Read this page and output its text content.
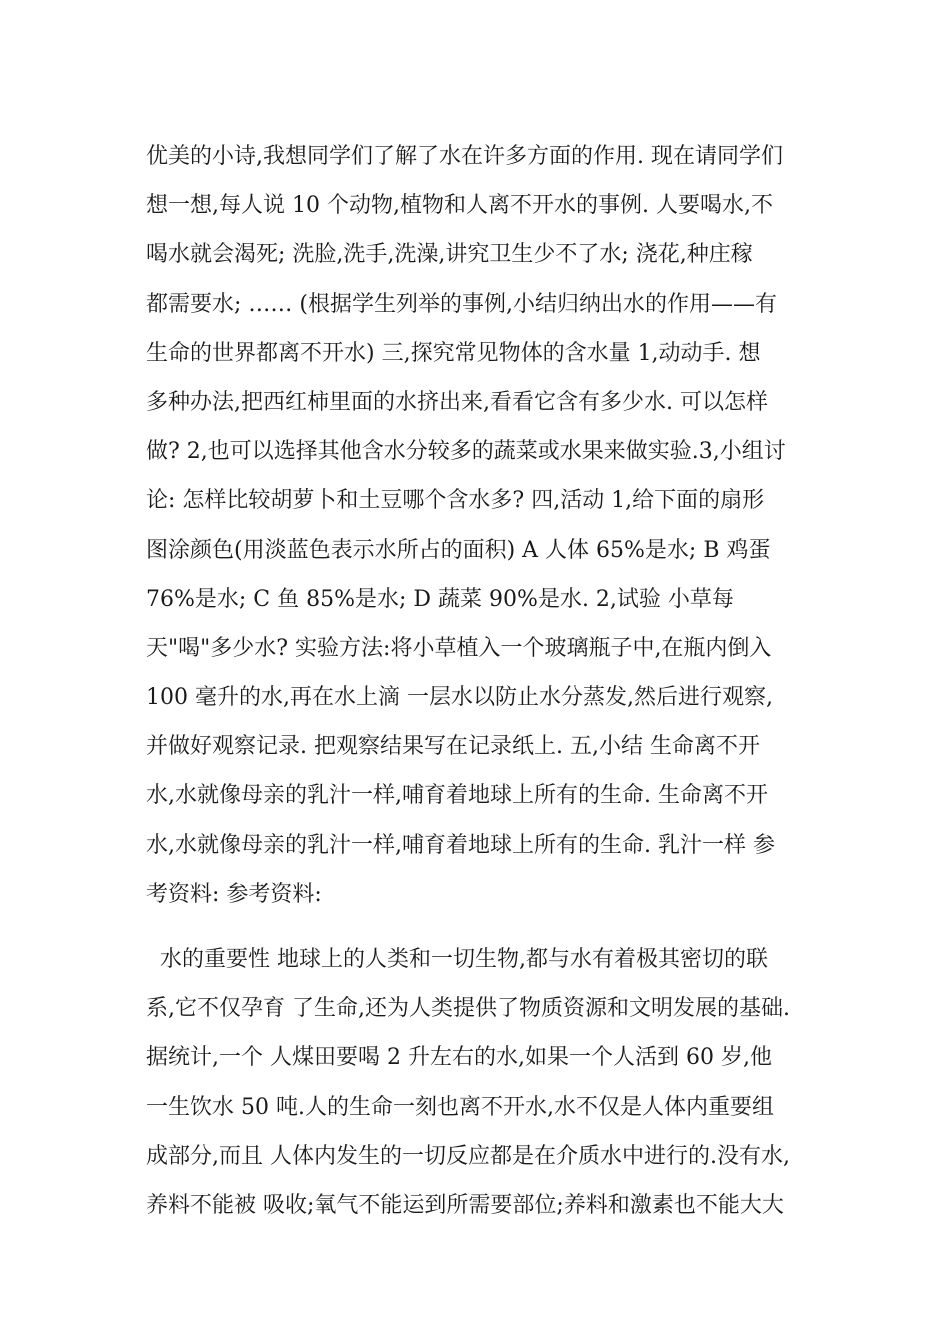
优美的小诗,我想同学们了解了水在许多方面的作用. 现在请同学们
想一想,每人说 10 个动物,植物和人离不开水的事例. 人要喝水,不
喝水就会渴死; 洗脸,洗手,洗澡,讲究卫生少不了水; 浇花,种庄稼
都需要水; …… (根据学生列举的事例,小结归纳出水的作用——有
生命的世界都离不开水) 三,探究常见物体的含水量 1,动动手. 想
多种办法,把西红柿里面的水挤出来,看看它含有多少水. 可以怎样
做? 2,也可以选择其他含水分较多的蔬菜或水果来做实验.3,小组讨
论: 怎样比较胡萝卜和土豆哪个含水多? 四,活动 1,给下面的扇形
图涂颜色(用淡蓝色表示水所占的面积) A 人体 65%是水; B 鸡蛋
76%是水; C 鱼 85%是水; D 蔬菜 90%是水. 2,试验 小草每
天"喝"多少水? 实验方法:将小草植入一个玻璃瓶子中,在瓶内倒入
100 毫升的水,再在水上滴 一层水以防止水分蒸发,然后进行观察,
并做好观察记录. 把观察结果写在记录纸上. 五,小结 生命离不开
水,水就像母亲的乳汁一样,哺育着地球上所有的生命. 生命离不开
水,水就像母亲的乳汁一样,哺育着地球上所有的生命. 乳汁一样 参
考资料: 参考资料:
水的重要性 地球上的人类和一切生物,都与水有着极其密切的联
系,它不仅孕育 了生命,还为人类提供了物质资源和文明发展的基础.
据统计,一个 人煤田要喝 2 升左右的水,如果一个人活到 60 岁,他
一生饮水 50 吨.人的生命一刻也离不开水,水不仅是人体内重要组
成部分,而且 人体内发生的一切反应都是在介质水中进行的.没有水,
养料不能被 吸收;氧气不能运到所需要部位;养料和激素也不能大大
